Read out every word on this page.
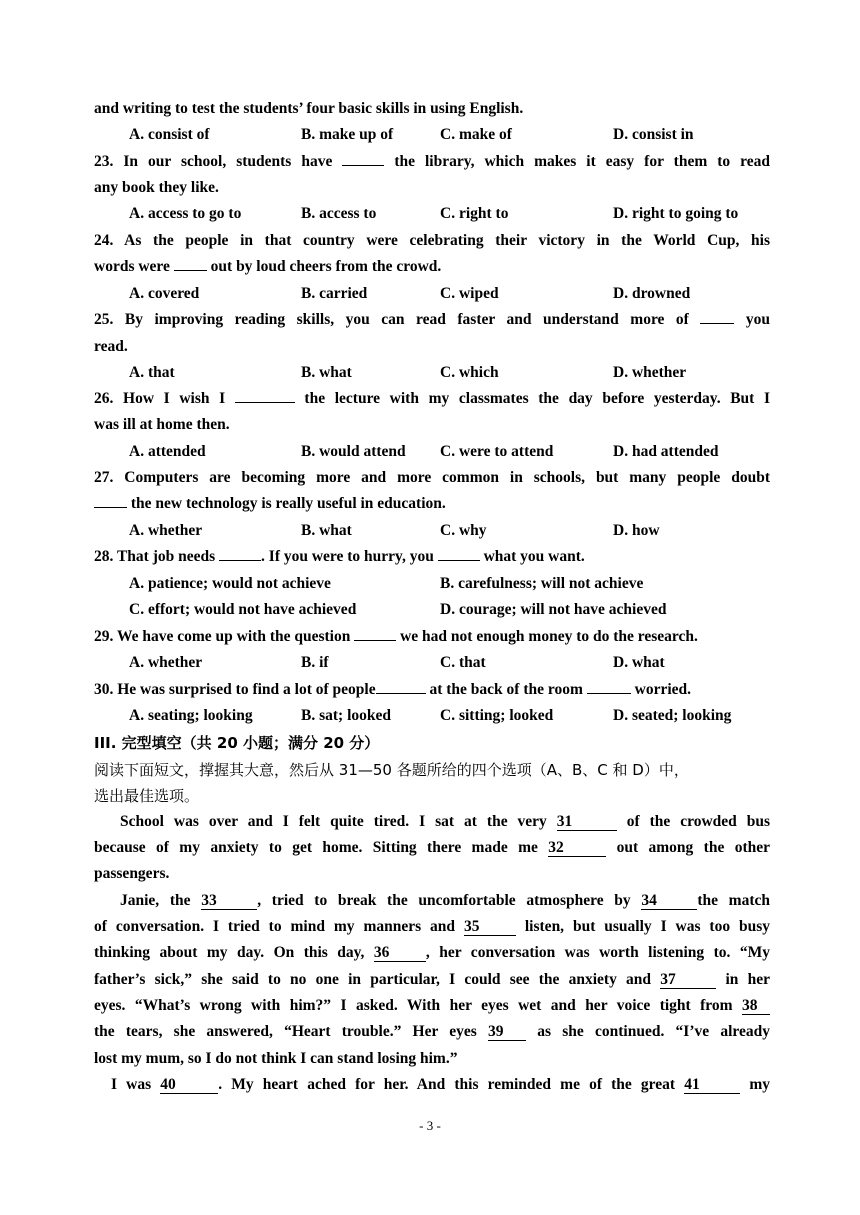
and writing to test the students’ four basic skills in using English.
A. consist of	B. make up of	C. make of	D. consist in
23. In our school, students have	the library, which makes it easy for them to read
any book they like.
A. access to go to	B. access to	C. right to	D. right to going to
24. As the people in that country were celebrating their victory in the World Cup, his
words were  out by loud cheers from the crowd.
A. covered	B. carried	C. wiped	D. drowned
25. By improving reading skills, you can read faster and understand more of  you
read.
A. that	B. what	C. which	D. whether
26. How I wish I	the lecture with my classmates the day before yesterday. But I
was ill at home then.
A. attended	B. would attend C. were to attend	D. had attended
27. Computers are becoming more and more common in schools, but many people doubt
the new technology is really useful in education.
A. whether	B. what	C. why	D. how
28. That job needs	. If you were to hurry, you	what you want.
A. patience; would not achieve	B. carefulness; will not achieve
C. effort; would not have achieved	D. courage; will not have achieved
29. We have come up with the question	we had not enough money to do the research.
A. whether	B. if	C. that	D. what
30. He was surprised to find a lot of people	at the back of the room	worried.
A. seating; looking	B. sat; looked	C. sitting; looked	D. seated; looking
III. 完型填空（共 20 小题；满分 20 分）
阅读下面短文，撑握其大意，然后从 31—50 各题所给的四个选项（A、B、C 和 D）中，
选出最佳选项。
School was over and I felt quite tired. I sat at the very 31	of the crowded bus
because of my anxiety to get home. Sitting there made me 32	out among the other
passengers.
Janie, the 33	, tried to break the uncomfortable atmosphere by 34	the match
of conversation. I tried to mind my manners and 35 listen, but usually I was too busy
thinking about my day. On this day, 36 , her conversation was worth listening to. “My
father’s sick,” she said to no one in particular, I could see the anxiety and 37	in her
eyes. “What’s wrong with him?” I asked. With her eyes wet and her voice tight from 38
the tears, she answered, “Heart trouble.” Her eyes 39 as she continued. “I’ve already
lost my mum, so I do not think I can stand losing him.”
I was 40	. My heart ached for her. And this reminded me of the great 41	my
- 3 -
